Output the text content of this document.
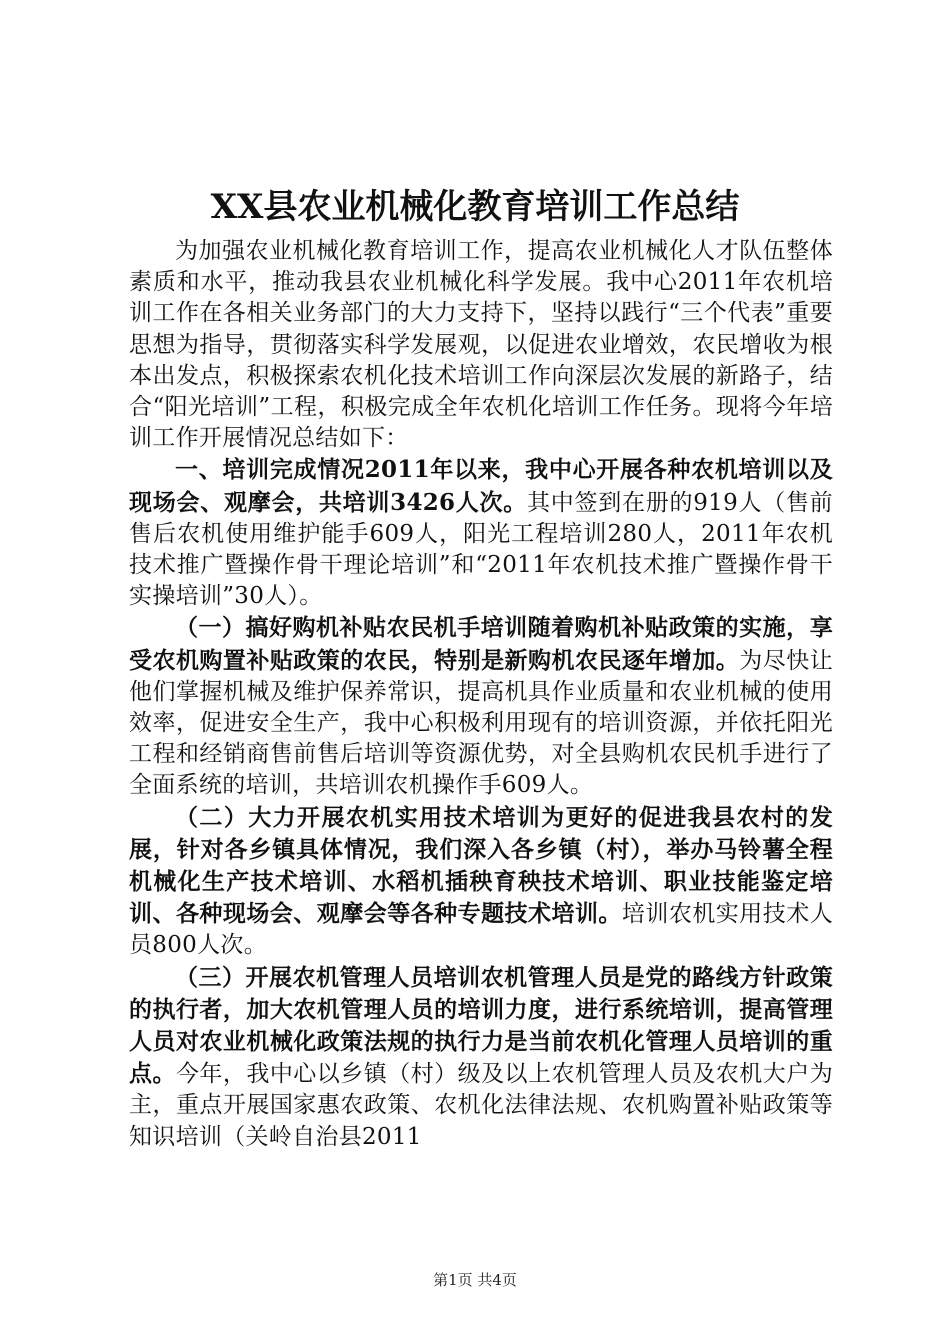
XX县农业机械化教育培训工作总结

为加强农业机械化教育培训工作，提高农业机械化人才队伍整体素质和水平，推动我县农业机械化科学发展。我中心2011年农机培训工作在各相关业务部门的大力支持下，坚持以践行“三个代表”重要思想为指导，贯彻落实科学发展观，以促进农业增效，农民增收为根本出发点，积极探索农机化技术培训工作向深层次发展的新路子，结合“阳光培训”工程，积极完成全年农机化培训工作任务。现将今年培训工作开展情况总结如下：

一、培训完成情况2011年以来，我中心开展各种农机培训以及现场会、观摩会，共培训3426人次。其中签到在册的919人（售前售后农机使用维护能手609人，阳光工程培训280人，2011年农机技术推广暨操作骨干理论培训”和“2011年农机技术推广暨操作骨干实操培训”30人）。

（一）搞好购机补贴农民机手培训随着购机补贴政策的实施，享受农机购置补贴政策的农民，特别是新购机农民逐年增加。为尽快让他们掌握机械及维护保养常识，提高机具作业质量和农业机械的使用效率，促进安全生产，我中心积极利用现有的培训资源，并依托阳光工程和经销商售前售后培训等资源优势，对全县购机农民机手进行了全面系统的培训，共培训农机操作手609人。

（二）大力开展农机实用技术培训为更好的促进我县农村的发展，针对各乡镇具体情况，我们深入各乡镇（村），举办马铃薯全程机械化生产技术培训、水稻机插秧育秧技术培训、职业技能鉴定培训、各种现场会、观摩会等各种专题技术培训。培训农机实用技术人员800人次。

（三）开展农机管理人员培训农机管理人员是党的路线方针政策的执行者，加大农机管理人员的培训力度，进行系统培训，提高管理人员对农业机械化政策法规的执行力是当前农机化管理人员培训的重点。今年，我中心以乡镇（村）级及以上农机管理人员及农机大户为主，重点开展国家惠农政策、农机化法律法规、农机购置补贴政策等知识培训（关岭自治县2011

第1页 共4页
